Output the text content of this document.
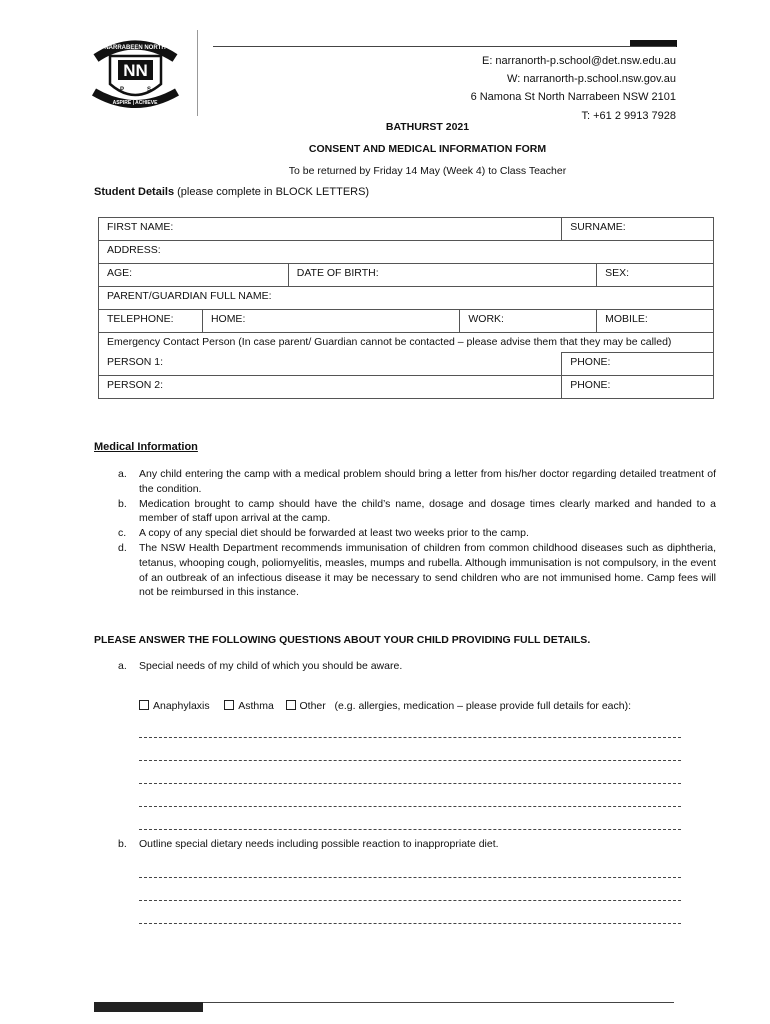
NARRABEEN NORTH
NN
P	S
ASPIRE | ACHIEVE
E: narranorth-p.school@det.nsw.edu.au
W: narranorth-p.school.nsw.gov.au
6 Namona St North Narrabeen NSW 2101
T: +61 2 9913 7928
BATHURST 2021
CONSENT AND MEDICAL INFORMATION FORM
To be returned by Friday 14 May (Week 4) to Class Teacher
Student Details (please complete in BLOCK LETTERS)
FIRST NAME:				SURNAME:	
ADDRESS:					
AGE:		DATE OF BIRTH:			SEX:
PARENT/GUARDIAN FULL NAME:					
TELEPHONE:	HOME:		WORK:		MOBILE:
Emergency Contact Person (In case parent/ Guardian cannot be contacted – please advise them that they may be called)					
PERSON 1:				PHONE:	
PERSON 2:				PHONE:	
Medical Information
a.	Any child entering the camp with a medical problem should bring a letter from his/her doctor regarding detailed treatment of the condition.
b.	Medication brought to camp should have the child’s name, dosage and dosage times clearly marked and handed to a member of staff upon arrival at the camp.
c.	A copy of any special diet should be forwarded at least two weeks prior to the camp.
d.	The NSW Health Department recommends immunisation of children from common childhood diseases such as diphtheria, tetanus, whooping cough, poliomyelitis, measles, mumps and rubella. Although immunisation is not compulsory, in the event of an outbreak of an infectious disease it may be necessary to send children who are not immunised home. Camp fees will not be reimbursed in this instance.
PLEASE ANSWER THE FOLLOWING QUESTIONS ABOUT YOUR CHILD PROVIDING FULL DETAILS.
a. Special needs of my child of which you should be aware.
Anaphylaxis	Asthma Other (e.g. allergies, medication – please provide full details for each):
b. Outline special dietary needs including possible reaction to inappropriate diet.
